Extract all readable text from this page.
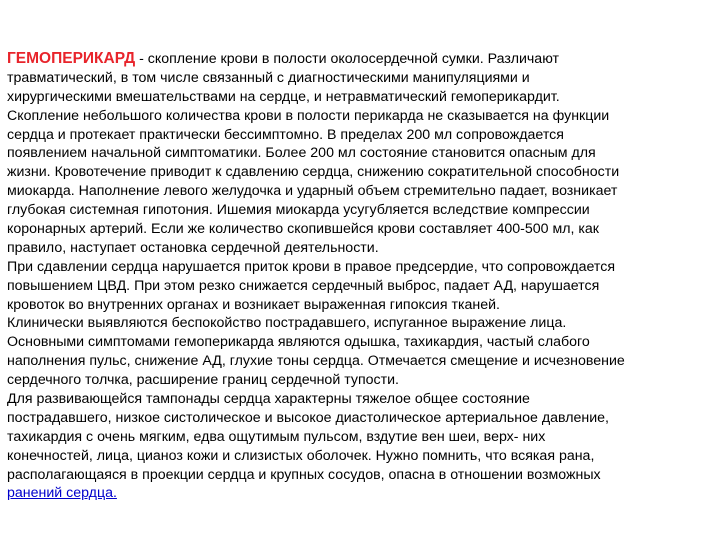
ГЕМОПЕРИКАРД - скопление крови в полости околосердечной сумки. Различают
травматический, в том числе связанный с диагностическими манипуляциями и
хирургическими вмешательствами на сердце, и нетравматический гемоперикардит.
Скопление небольшого количества крови в полости перикарда не сказывается на функции
сердца и протекает практически бессимптомно. В пределах 200 мл сопровождается
появлением начальной симптоматики. Более 200 мл состояние становится опасным для
жизни. Кровотечение приводит к сдавлению сердца, снижению сократительной способности
миокарда. Наполнение левого желудочка и ударный объем стремительно падает, возникает
глубокая системная гипотония. Ишемия миокарда усугубляется вследствие компрессии
коронарных артерий. Если же количество скопившейся крови составляет 400-500 мл, как
правило, наступает остановка сердечной деятельности.
При сдавлении сердца нарушается приток крови в правое предсердие, что сопровождается
повышением ЦВД. При этом резко снижается сердечный выброс, падает АД, нарушается
кровоток во внутренних органах и возникает выраженная гипоксия тканей.
Клинически выявляются беспокойство пострадавшего, испуганное выражение лица.
Основными симптомами гемоперикарда являются одышка, тахикардия, частый слабого
наполнения пульс, снижение АД, глухие тоны сердца. Отмечается смещение и исчезновение
сердечного толчка, расширение границ сердечной тупости.
Для развивающейся тампонады сердца характерны тяжелое общее состояние
пострадавшего, низкое систолическое и высокое диастолическое артериальное давление,
тахикардия с очень мягким, едва ощутимым пульсом, вздутие вен шеи, верх- них
конечностей, лица, цианоз кожи и слизистых оболочек. Нужно помнить, что всякая рана,
располагающаяся в проекции сердца и крупных сосудов, опасна в отношении возможных
ранений сердца.
